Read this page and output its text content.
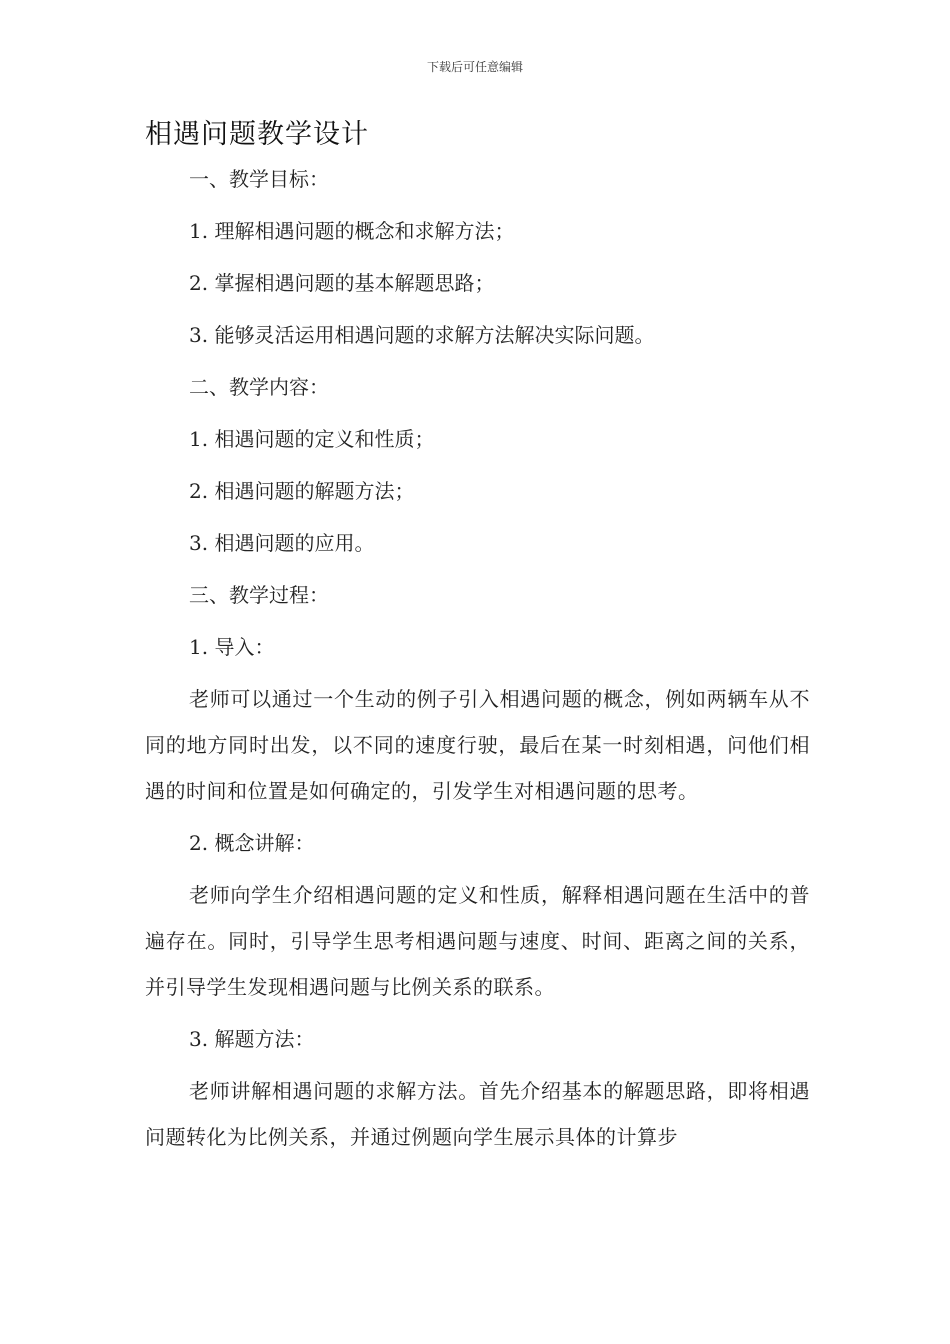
下载后可任意编辑
相遇问题教学设计

一、教学目标：

1. 理解相遇问题的概念和求解方法；

2. 掌握相遇问题的基本解题思路；

3. 能够灵活运用相遇问题的求解方法解决实际问题。

二、教学内容：

1. 相遇问题的定义和性质；

2. 相遇问题的解题方法；

3. 相遇问题的应用。

三、教学过程：

1. 导入：

老师可以通过一个生动的例子引入相遇问题的概念，例如两辆车从不同的地方同时出发，以不同的速度行驶，最后在某一时刻相遇，问他们相遇的时间和位置是如何确定的，引发学生对相遇问题的思考。

2. 概念讲解：

老师向学生介绍相遇问题的定义和性质，解释相遇问题在生活中的普遍存在。同时，引导学生思考相遇问题与速度、时间、距离之间的关系，并引导学生发现相遇问题与比例关系的联系。

3. 解题方法：

老师讲解相遇问题的求解方法。首先介绍基本的解题思路，即将相遇问题转化为比例关系，并通过例题向学生展示具体的计算步
